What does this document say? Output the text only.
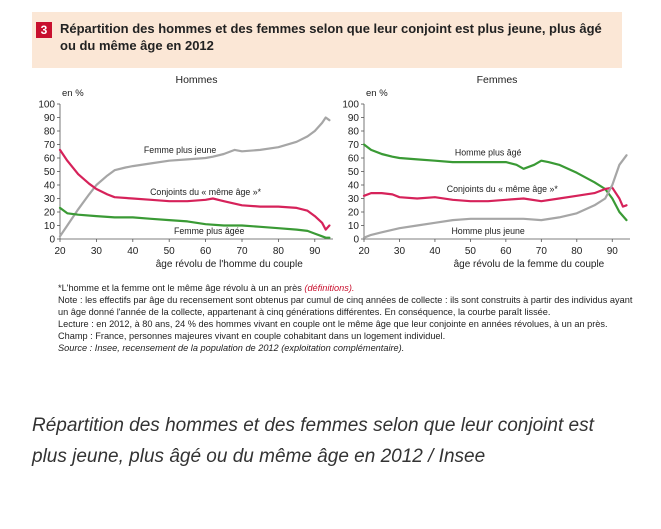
3 Répartition des hommes et des femmes selon que leur conjoint est plus jeune, plus âgé ou du même âge en 2012
Hommes
en %
0
10
20
30
40
50
60
70
80
90
100
20	30	40	50	60	70	80	90
âge révolu de l'homme du couple
Femme plus jeune
Conjoints du « même âge »*
Femme plus âgée
Femmes
en %
0
10
20
30
40
50
60
70
80
90
100
20 30 40 50 60 70 80 90
âge révolu de la femme du couple
Homme plus âgé
Conjoints du « même âge »*
Homme plus jeune

*L'homme et la femme ont le même âge révolu à un an près (définitions).

Note : les effectifs par âge du recensement sont obtenus par cumul de cinq années de collecte : ils sont construits à partir des individus ayant un âge donné l'année de la collecte, appartenant à cinq générations différentes. En conséquence, la courbe paraît lissée.

Lecture : en 2012, à 80 ans, 24 % des hommes vivant en couple ont le même âge que leur conjointe en années révolues, à un an près.

Champ : France, personnes majeures vivant en couple cohabitant dans un logement individuel.

Source : Insee, recensement de la population de 2012 (exploitation complémentaire).

Répartition des hommes et des femmes selon que leur conjoint est plus jeune, plus âgé ou du même âge en 2012 / Insee
